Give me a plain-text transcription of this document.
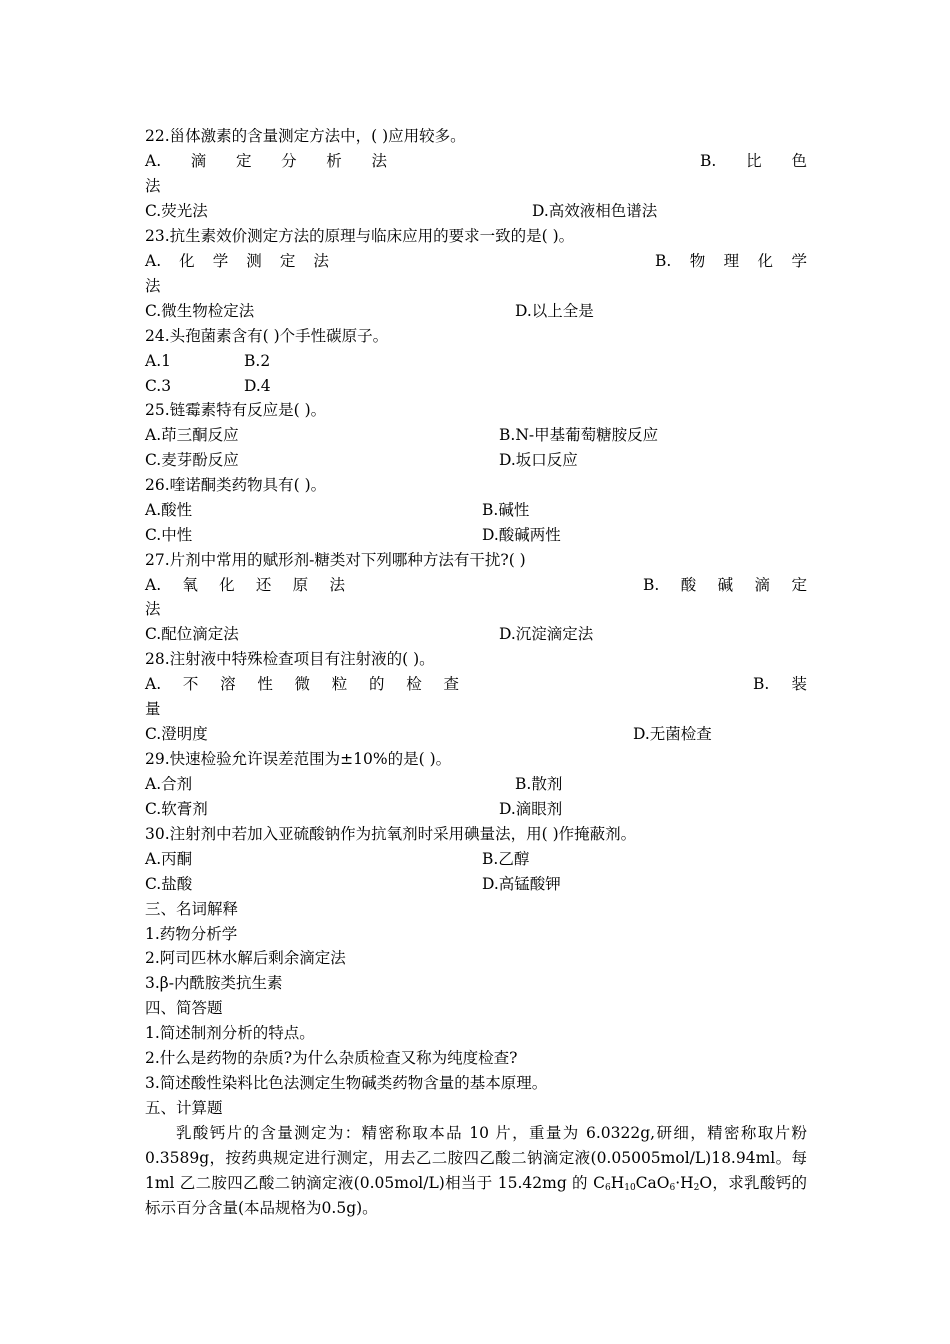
22.甾体激素的含量测定方法中，( )应用较多。
A. 滴 定 分 析 法	B. 比 色
法
C.荧光法	D.高效液相色谱法
23.抗生素效价测定方法的原理与临床应用的要求一致的是( )。
A. 化 学 测 定 法	B. 物 理 化 学
法
C.微生物检定法	D.以上全是
24.头孢菌素含有( )个手性碳原子。
A.1	B.2
C.3	D.4
25.链霉素特有反应是( )。
A.茚三酮反应	B.N-甲基葡萄糖胺反应
C.麦芽酚反应	D.坂口反应
26.喹诺酮类药物具有( )。
A.酸性	B.碱性
C.中性	D.酸碱两性
27.片剂中常用的赋形剂-糖类对下列哪种方法有干扰?( )
A. 氧 化 还 原 法	B. 酸 碱 滴 定
法
C.配位滴定法	D.沉淀滴定法
28.注射液中特殊检查项目有注射液的( )。
A. 不 溶 性 微 粒 的 检 查	B. 装
量
C.澄明度	D.无菌检查
29.快速检验允许误差范围为±10%的是( )。
A.合剂	B.散剂
C.软膏剂	D.滴眼剂
30.注射剂中若加入亚硫酸钠作为抗氧剂时采用碘量法，用( )作掩蔽剂。
A.丙酮	B.乙醇
C.盐酸	D.高锰酸钾
三、名词解释
1.药物分析学
2.阿司匹林水解后剩余滴定法
3.β-内酰胺类抗生素
四、简答题
1.简述制剂分析的特点。
2.什么是药物的杂质?为什么杂质检查又称为纯度检查?
3.简述酸性染料比色法测定生物碱类药物含量的基本原理。
五、计算题
乳酸钙片的含量测定为：精密称取本品 10 片，重量为 6.0322g,研细，精密称取片粉 0.3589g，按药典规定进行测定，用去乙二胺四乙酸二钠滴定液(0.05005mol/L)18.94ml。每 1ml 乙二胺四乙酸二钠滴定液(0.05mol/L)相当于 15.42mg 的 $C_6H_{10}CaO_6\cdot H_2O$，求乳酸钙的标示百分含量(本品规格为0.5g)。
